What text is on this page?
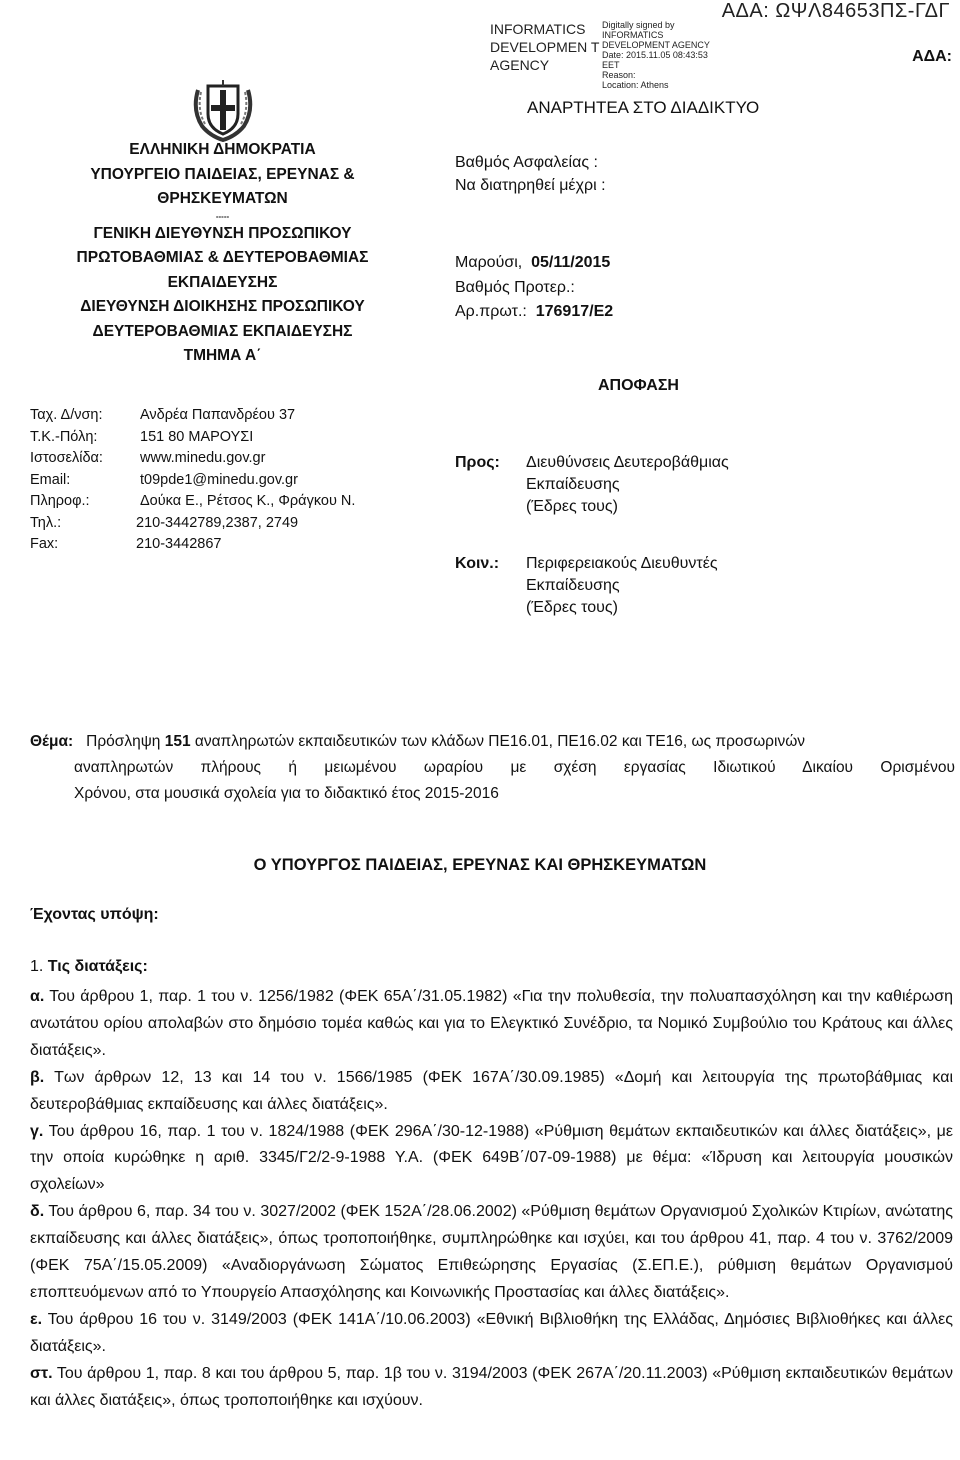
INFORMATICS DEVELOPMEN T AGENCY
Digitally signed by
INFORMATICS
DEVELOPMENT AGENCY
Date: 2015.11.05 08:43:53
EET
Reason:
Location: Athens
ΑΔΑ: ΩΨΛ84653ΠΣ-ΓΔΓ
ΑΔΑ:
ΑΝΑΡΤΗΤΕΑ ΣΤΟ ΔΙΑΔΙΚΤΥΟ
ΕΛΛΗΝΙΚΗ ΔΗΜΟΚΡΑΤΙΑ
ΥΠΟΥΡΓΕΙΟ ΠΑΙΔΕΙΑΣ, ΕΡΕΥΝΑΣ &
ΘΡΗΣΚΕΥΜΑΤΩΝ
-----
ΓΕΝΙΚΗ ΔΙΕΥΘΥΝΣΗ ΠΡΟΣΩΠΙΚΟΥ
ΠΡΩΤΟΒΑΘΜΙΑΣ & ΔΕΥΤΕΡΟΒΑΘΜΙΑΣ
ΕΚΠΑΙΔΕΥΣΗΣ
ΔΙΕΥΘΥΝΣΗ ΔΙΟΙΚΗΣΗΣ ΠΡΟΣΩΠΙΚΟΥ
ΔΕΥΤΕΡΟΒΑΘΜΙΑΣ ΕΚΠΑΙΔΕΥΣΗΣ
ΤΜΗΜΑ Α΄
Ταχ. Δ/νση:	Ανδρέα Παπανδρέου 37
Τ.Κ.-Πόλη:	151 80 ΜΑΡΟΥΣΙ
Ιστοσελίδα:	www.minedu.gov.gr
Email:	t09pde1@minedu.gov.gr
Πληροφ.:	Δούκα Ε., Ρέτσος Κ., Φράγκου Ν.
Τηλ.:	210-3442789,2387, 2749
Fax:	210-3442867
Βαθμός Ασφαλείας :
Να διατηρηθεί μέχρι :
Μαρούσι, 05/11/2015
Βαθμός Προτερ.:
Αρ.πρωτ.: 176917/Ε2
ΑΠΟΦΑΣΗ
Προς: Διευθύνσεις Δευτεροβάθμιας
Εκπαίδευσης
(Έδρες τους)
Κοιν.: Περιφερειακούς Διευθυντές
Εκπαίδευσης
(Έδρες τους)
Θέμα: Πρόσληψη 151 αναπληρωτών εκπαιδευτικών των κλάδων ΠΕ16.01, ΠΕ16.02 και ΤΕ16, ως προσωρινών
αναπληρωτών πλήρους ή μειωμένου ωραρίου με σχέση εργασίας Ιδιωτικού Δικαίου Ορισμένου
Χρόνου, στα μουσικά σχολεία για το διδακτικό έτος 2015-2016
Ο ΥΠΟΥΡΓΟΣ ΠΑΙΔΕΙΑΣ, ΕΡΕΥΝΑΣ ΚΑΙ ΘΡΗΣΚΕΥΜΑΤΩΝ
Έχοντας υπόψη:
1. Τις διατάξεις:

α. Του άρθρου 1, παρ. 1 του ν. 1256/1982 (ΦΕΚ 65Α΄/31.05.1982) «Για την πολυθεσία, την πολυαπασχόληση και την καθιέρωση ανωτάτου ορίου απολαβών στο δημόσιο τομέα καθώς και για το Ελεγκτικό Συνέδριο, τα Νομικό Συμβούλιο του Κράτους και άλλες διατάξεις».

β. Των άρθρων 12, 13 και 14 του ν. 1566/1985 (ΦΕΚ 167Α΄/30.09.1985) «Δομή και λειτουργία της πρωτοβάθμιας και δευτεροβάθμιας εκπαίδευσης και άλλες διατάξεις».

γ. Του άρθρου 16, παρ. 1 του ν. 1824/1988 (ΦΕΚ 296Α΄/30-12-1988) «Ρύθμιση θεμάτων εκπαιδευτικών και άλλες διατάξεις», με την οποία κυρώθηκε η αριθ. 3345/Γ2/2-9-1988 Υ.Α. (ΦΕΚ 649Β΄/07-09-1988) με θέμα: «Ίδρυση και λειτουργία μουσικών σχολείων»

δ. Του άρθρου 6, παρ. 34 του ν. 3027/2002 (ΦΕΚ 152Α΄/28.06.2002) «Ρύθμιση θεμάτων Οργανισμού Σχολικών Κτιρίων, ανώτατης εκπαίδευσης και άλλες διατάξεις», όπως τροποποιήθηκε, συμπληρώθηκε και ισχύει, και του άρθρου 41, παρ. 4 του ν. 3762/2009 (ΦΕΚ 75Α΄/15.05.2009) «Αναδιοργάνωση Σώματος Επιθεώρησης Εργασίας (Σ.ΕΠ.Ε.), ρύθμιση θεμάτων Οργανισμού εποπτευόμενων από το Υπουργείο Απασχόλησης και Κοινωνικής Προστασίας και άλλες διατάξεις».

ε. Του άρθρου 16 του ν. 3149/2003 (ΦΕΚ 141Α΄/10.06.2003) «Εθνική Βιβλιοθήκη της Ελλάδας, Δημόσιες Βιβλιοθήκες και άλλες διατάξεις».

στ. Του άρθρου 1, παρ. 8 και του άρθρου 5, παρ. 1β του ν. 3194/2003 (ΦΕΚ 267Α΄/20.11.2003) «Ρύθμιση εκπαιδευτικών θεμάτων και άλλες διατάξεις», όπως τροποποιήθηκε και ισχύουν.
